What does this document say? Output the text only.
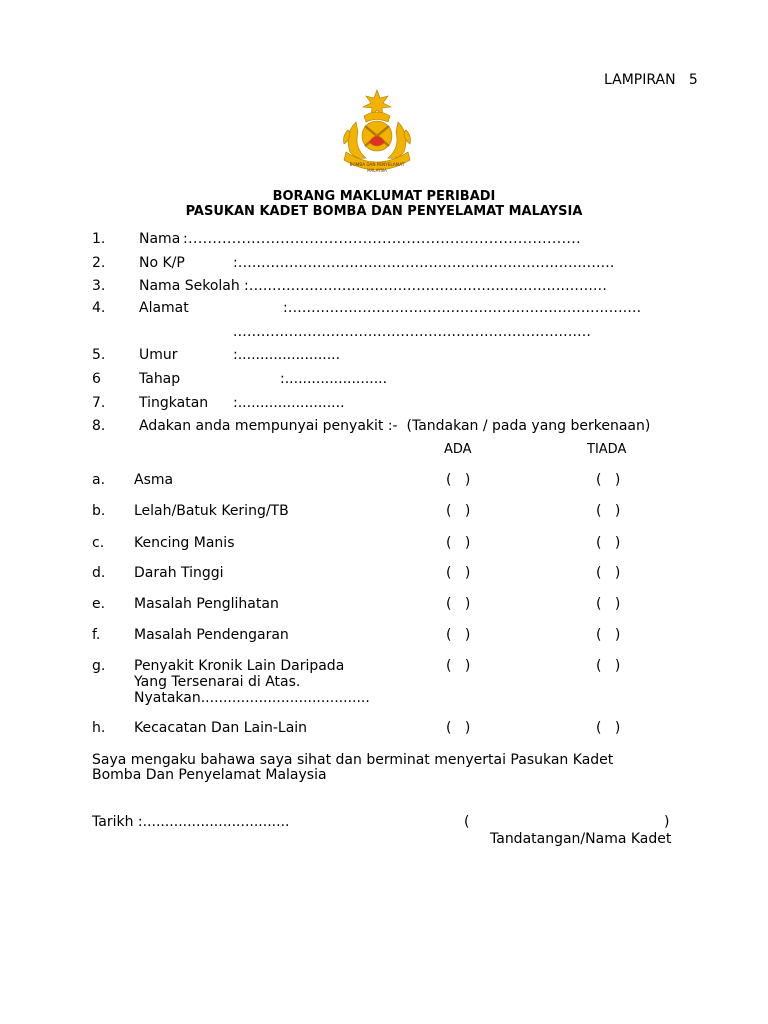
LAMPIRAN   5
BOMBA DAN PENYELAMAT
MALAYSIA
BORANG MAKLUMAT PERIBADI
PASUKAN KADET BOMBA DAN PENYELAMAT MALAYSIA
1. Nama :.................................................................................
2. No K/P	:.................................................................................
3. Nama Sekolah :.............................................................................
4. Alamat	:............................................................................
.............................................................................
5. Umur	:.......................
6	Tahap	:.......................
7. Tingkatan :........................
8. Adakan anda mempunyai penyakit :-  (Tandakan / pada yang berkenaan)
ADA	TIADA
a. Asma	(   )	(   )
b. Lelah/Batuk Kering/TB	(   )	(   )
c. Kencing Manis	(   )	(   )
d. Darah Tinggi	(   )	(   )
e. Masalah Penglihatan	(   )	(   )
f. Masalah Pendengaran	(   )	(   )
g. Penyakit Kronik Lain Daripada
Yang Tersenarai di Atas.
Nyatakan......................................
(   )	(   )
h. Kecacatan Dan Lain-Lain	(   )	(   )
Saya mengaku bahawa saya sihat dan berminat menyertai Pasukan Kadet
Bomba Dan Penyelamat Malaysia
Tarikh :.................................	(	)
Tandatangan/Nama Kadet
